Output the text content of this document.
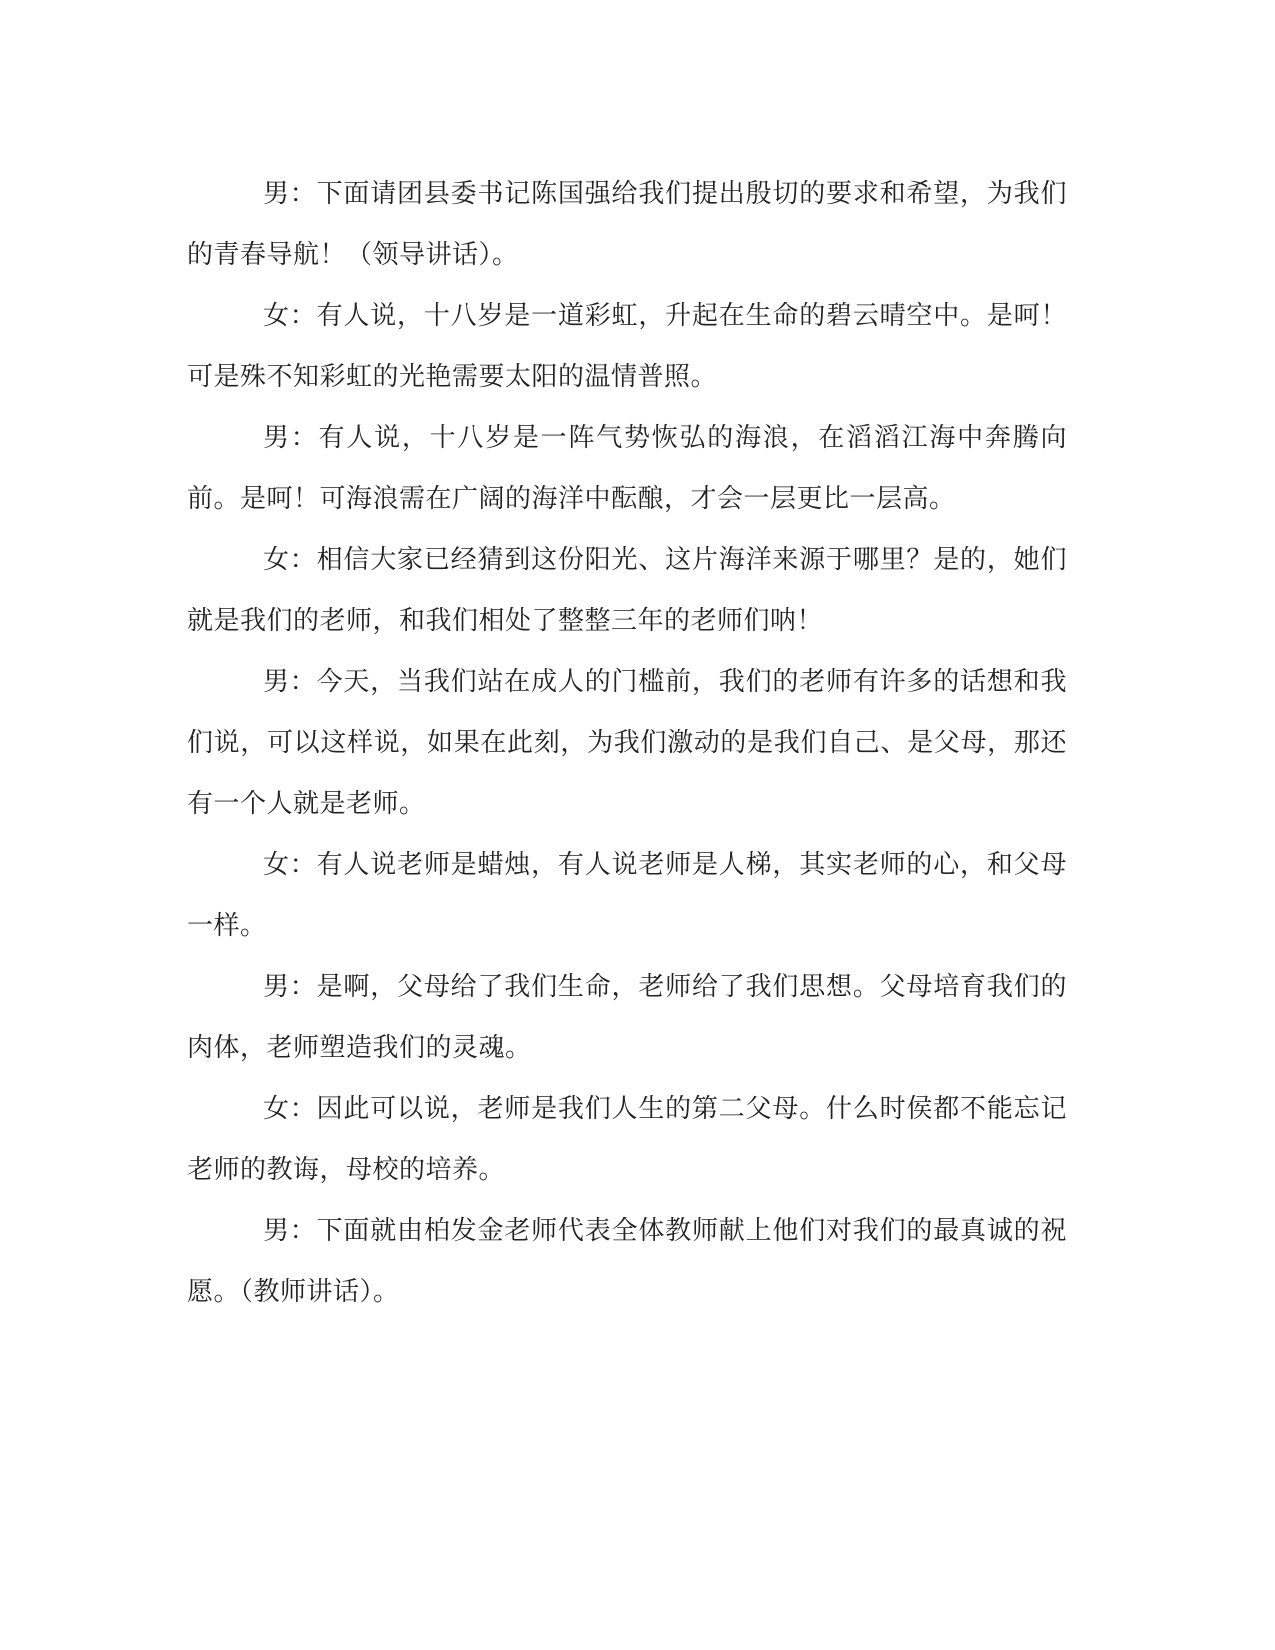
男：下面请团县委书记陈国强给我们提出殷切的要求和希望，为我们的青春导航！（领导讲话）。

女：有人说，十八岁是一道彩虹，升起在生命的碧云晴空中。是呵！可是殊不知彩虹的光艳需要太阳的温情普照。

男：有人说，十八岁是一阵气势恢弘的海浪，在滔滔江海中奔腾向前。是呵！可海浪需在广阔的海洋中酝酿，才会一层更比一层高。

女：相信大家已经猜到这份阳光、这片海洋来源于哪里？是的，她们就是我们的老师，和我们相处了整整三年的老师们呐！

男：今天，当我们站在成人的门槛前，我们的老师有许多的话想和我们说，可以这样说，如果在此刻，为我们激动的是我们自己、是父母，那还有一个人就是老师。

女：有人说老师是蜡烛，有人说老师是人梯，其实老师的心，和父母一样。

男：是啊，父母给了我们生命，老师给了我们思想。父母培育我们的肉体，老师塑造我们的灵魂。

女：因此可以说，老师是我们人生的第二父母。什么时侯都不能忘记老师的教诲，母校的培养。

男：下面就由柏发金老师代表全体教师献上他们对我们的最真诚的祝愿。（教师讲话）。
